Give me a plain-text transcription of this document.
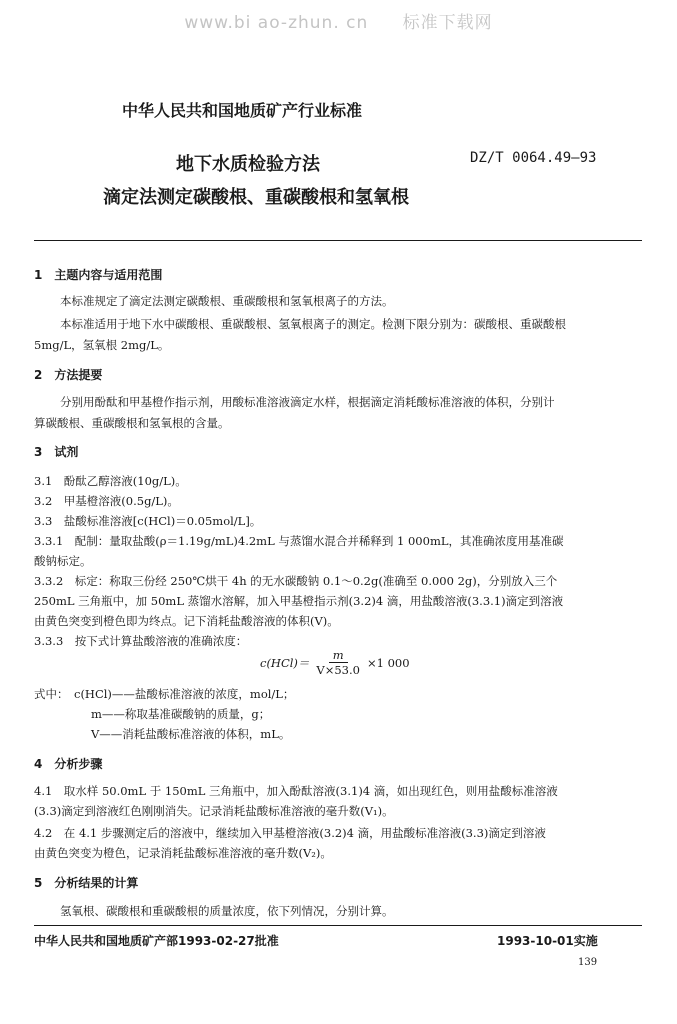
www.bi ao-zhun. cn 标准下载网
中华人民共和国地质矿产行业标准
地下水质检验方法
滴定法测定碳酸根、重碳酸根和氢氧根
DZ/T 0064.49—93
1　主题内容与适用范围
本标准规定了滴定法测定碳酸根、重碳酸根和氢氧根离子的方法。
本标准适用于地下水中碳酸根、重碳酸根、氢氧根离子的测定。检测下限分别为：碳酸根、重碳酸根
5mg/L，氢氧根 2mg/L。
2　方法提要
分别用酚酞和甲基橙作指示剂，用酸标准溶液滴定水样，根据滴定消耗酸标准溶液的体积，分别计
算碳酸根、重碳酸根和氢氧根的含量。
3　试剂
3.1　酚酞乙醇溶液(10g/L)。
3.2　甲基橙溶液(0.5g/L)。
3.3　盐酸标准溶液[c(HCl)＝0.05mol/L]。
3.3.1　配制：量取盐酸(ρ＝1.19g/mL)4.2mL 与蒸馏水混合并稀释到 1 000mL，其准确浓度用基准碳
酸钠标定。
3.3.2　标定：称取三份经 250℃烘干 4h 的无水碳酸钠 0.1～0.2g(准确至 0.000 2g)，分别放入三个
250mL 三角瓶中，加 50mL 蒸馏水溶解，加入甲基橙指示剂(3.2)4 滴，用盐酸溶液(3.3.1)滴定到溶液
由黄色突变到橙色即为终点。记下消耗盐酸溶液的体积(V)。
3.3.3　按下式计算盐酸溶液的准确浓度：
$c(HCl)= \frac{m}{V\times 53.0} \times 1$ 000
式中： c(HCl)——盐酸标准溶液的浓度，mol/L；
m——称取基准碳酸钠的质量，g；
V——消耗盐酸标准溶液的体积，mL。
4　分析步骤
4.1　取水样 50.0mL 于 150mL 三角瓶中，加入酚酞溶液(3.1)4 滴，如出现红色，则用盐酸标准溶液
(3.3)滴定到溶液红色刚刚消失。记录消耗盐酸标准溶液的毫升数(V₁)。
4.2　在 4.1 步骤测定后的溶液中，继续加入甲基橙溶液(3.2)4 滴，用盐酸标准溶液(3.3)滴定到溶液
由黄色突变为橙色，记录消耗盐酸标准溶液的毫升数(V₂)。
5　分析结果的计算
氢氧根、碳酸根和重碳酸根的质量浓度，依下列情况，分别计算。
中华人民共和国地质矿产部1993-02-27批准	1993-10-01实施
139
